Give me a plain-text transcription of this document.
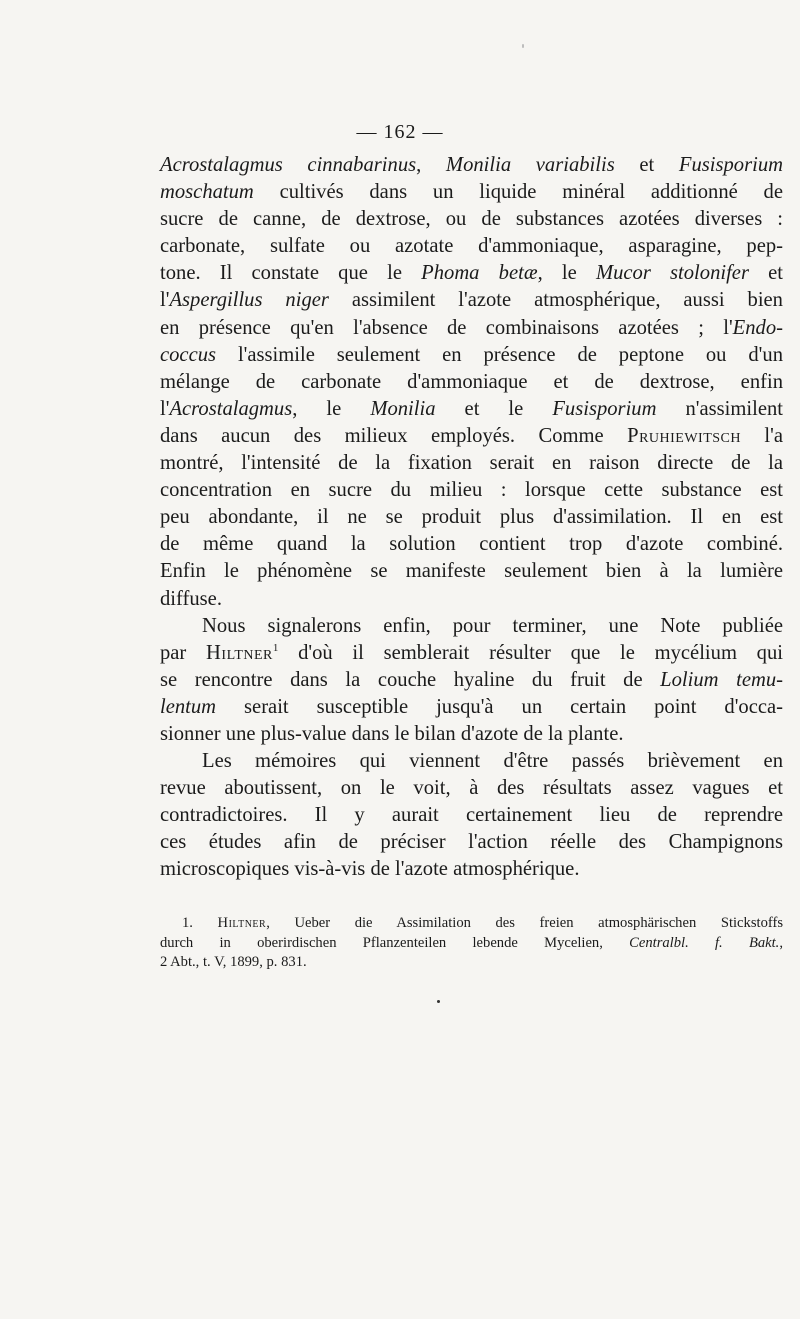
— 162 —
Acrostalagmus cinnabarinus, Monilia variabilis et Fusisporium
moschatum cultivés dans un liquide minéral additionné de
sucre de canne, de dextrose, ou de substances azotées diverses :
carbonate, sulfate ou azotate d'ammoniaque, asparagine, pep-
tone. Il constate que le Phoma betæ, le Mucor stolonifer et
l'Aspergillus niger assimilent l'azote atmosphérique, aussi bien
en présence qu'en l'absence de combinaisons azotées ; l'Endo-
coccus l'assimile seulement en présence de peptone ou d'un
mélange de carbonate d'ammoniaque et de dextrose, enfin
l'Acrostalagmus, le Monilia et le Fusisporium n'assimilent
dans aucun des milieux employés. Comme Pruhiewitsch l'a
montré, l'intensité de la fixation serait en raison directe de la
concentration en sucre du milieu : lorsque cette substance est
peu abondante, il ne se produit plus d'assimilation. Il en est
de même quand la solution contient trop d'azote combiné.
Enfin le phénomène se manifeste seulement bien à la lumière
diffuse.
Nous signalerons enfin, pour terminer, une Note publiée
par Hiltner$^1$ d'où il semblerait résulter que le mycélium qui
se rencontre dans la couche hyaline du fruit de Lolium temu-
lentum serait susceptible jusqu'à un certain point d'occa-
sionner une plus-value dans le bilan d'azote de la plante.
Les mémoires qui viennent d'être passés brièvement en
revue aboutissent, on le voit, à des résultats assez vagues et
contradictoires. Il y aurait certainement lieu de reprendre
ces études afin de préciser l'action réelle des Champignons
microscopiques vis-à-vis de l'azote atmosphérique.
1. Hiltner, Ueber die Assimilation des freien atmosphärischen Stickstoffs
durch in oberirdischen Pflanzenteilen lebende Mycelien, Centralbl. f. Bakt.,
2 Abt., t. V, 1899, p. 831.
